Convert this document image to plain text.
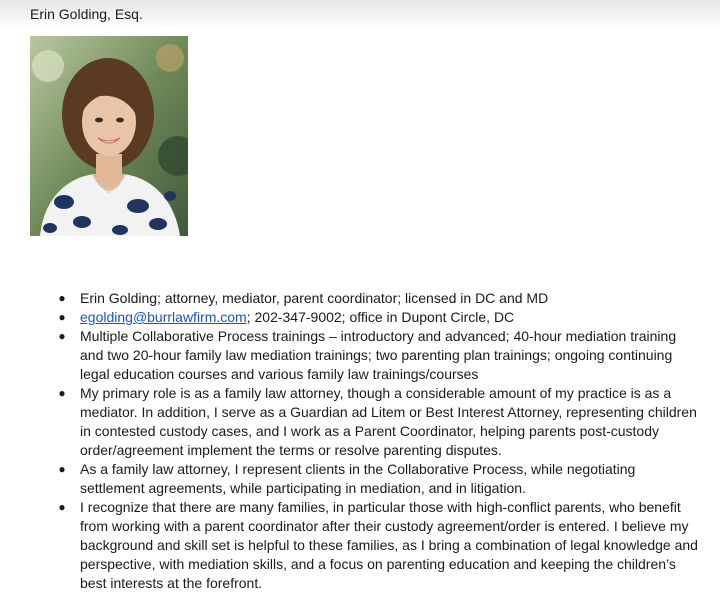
Erin Golding, Esq.
● Erin Golding; attorney, mediator, parent coordinator; licensed in DC and MD
● egolding@burrlawfirm.com; 202-347-9002; office in Dupont Circle, DC
● Multiple Collaborative Process trainings – introductory and advanced; 40-hour mediation training and two 20-hour family law mediation trainings; two parenting plan trainings; ongoing continuing legal education courses and various family law trainings/courses
● My primary role is as a family law attorney, though a considerable amount of my practice is as a mediator. In addition, I serve as a Guardian ad Litem or Best Interest Attorney, representing children in contested custody cases, and I work as a Parent Coordinator, helping parents post-custody order/agreement implement the terms or resolve parenting disputes.
● As a family law attorney, I represent clients in the Collaborative Process, while negotiating settlement agreements, while participating in mediation, and in litigation.
● I recognize that there are many families, in particular those with high-conflict parents, who benefit from working with a parent coordinator after their custody agreement/order is entered. I believe my background and skill set is helpful to these families, as I bring a combination of legal knowledge and perspective, with mediation skills, and a focus on parenting education and keeping the children’s best interests at the forefront.
